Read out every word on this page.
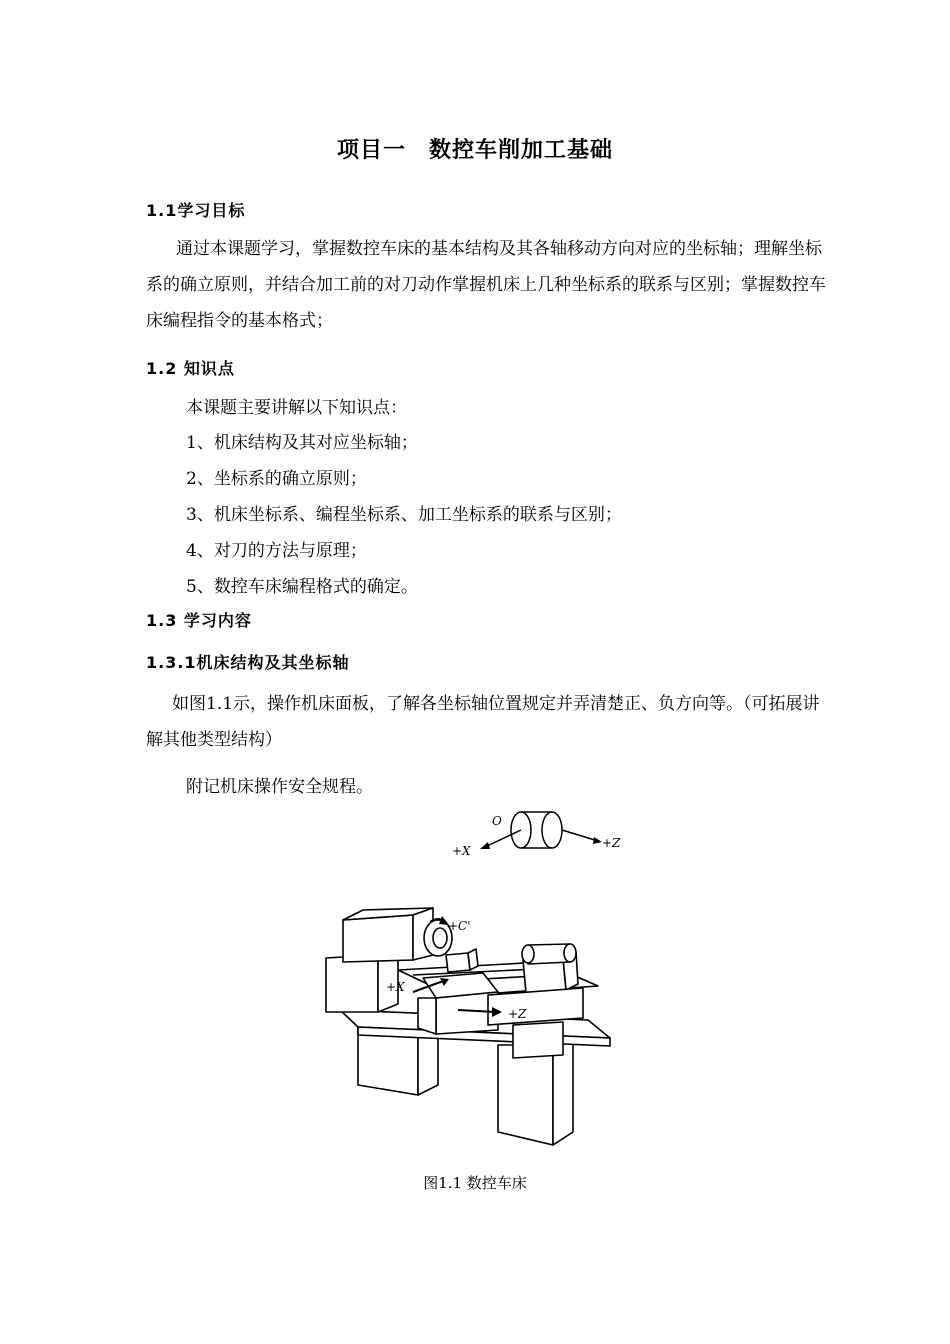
项目一　数控车削加工基础
1.1学习目标
通过本课题学习，掌握数控车床的基本结构及其各轴移动方向对应的坐标轴；理解坐标系的确立原则，并结合加工前的对刀动作掌握机床上几种坐标系的联系与区别；掌握数控车床编程指令的基本格式；
1.2 知识点
本课题主要讲解以下知识点：
1、机床结构及其对应坐标轴；
2、坐标系的确立原则；
3、机床坐标系、编程坐标系、加工坐标系的联系与区别；
4、对刀的方法与原理；
5、数控车床编程格式的确定。
1.3 学习内容
1.3.1机床结构及其坐标轴
如图1.1示，操作机床面板，了解各坐标轴位置规定并弄清楚正、负方向等。（可拓展讲解其他类型结构）
附记机床操作安全规程。
O
+X
+Z
+C'
+X
+Z
图1.1 数控车床
